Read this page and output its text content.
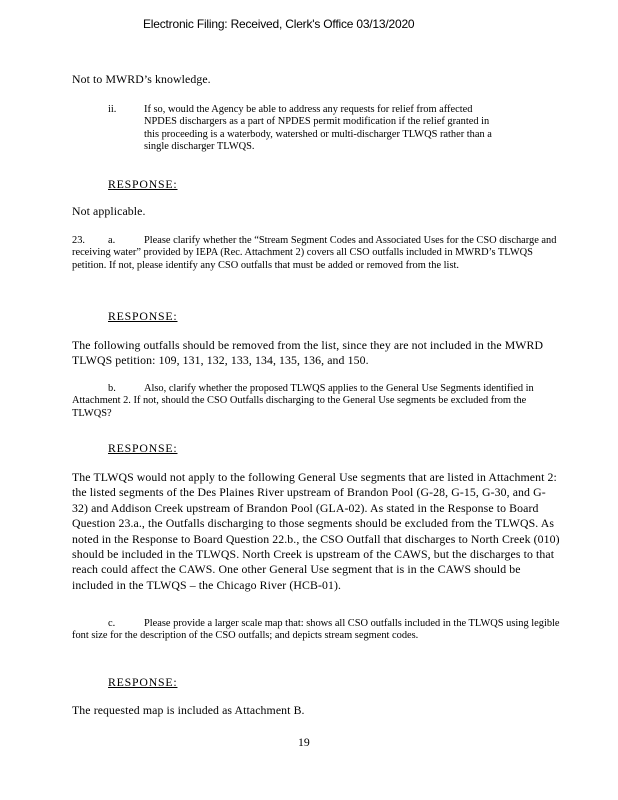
Electronic Filing: Received, Clerk's Office 03/13/2020

Not to MWRD’s knowledge.

ii.	If so, would the Agency be able to address any requests for relief from affected NPDES dischargers as a part of NPDES permit modification if the relief granted in this proceeding is a waterbody, watershed or multi-discharger TLWQS rather than a single discharger TLWQS.

RESPONSE:

Not applicable.

23. a.	Please clarify whether the “Stream Segment Codes and Associated Uses for the CSO discharge and receiving water” provided by IEPA (Rec. Attachment 2) covers all CSO outfalls included in MWRD’s TLWQS petition. If not, please identify any CSO outfalls that must be added or removed from the list.
RESPONSE:

The following outfalls should be removed from the list, since they are not included in the MWRD TLWQS petition: 109, 131, 132, 133, 134, 135, 136, and 150.

b.	Also, clarify whether the proposed TLWQS applies to the General Use Segments identified in Attachment 2. If not, should the CSO Outfalls discharging to the General Use segments be excluded from the TLWQS?
RESPONSE:

The TLWQS would not apply to the following General Use segments that are listed in Attachment 2: the listed segments of the Des Plaines River upstream of Brandon Pool (G-28, G-15, G-30, and G-32) and Addison Creek upstream of Brandon Pool (GLA-02). As stated in the Response to Board Question 23.a., the Outfalls discharging to those segments should be excluded from the TLWQS. As noted in the Response to Board Question 22.b., the CSO Outfall that discharges to North Creek (010) should be included in the TLWQS. North Creek is upstream of the CAWS, but the discharges to that reach could affect the CAWS. One other General Use segment that is in the CAWS should be included in the TLWQS – the Chicago River (HCB-01).

c.	Please provide a larger scale map that: shows all CSO outfalls included in the TLWQS using legible font size for the description of the CSO outfalls; and depicts stream segment codes.
RESPONSE:

The requested map is included as Attachment B.

19
